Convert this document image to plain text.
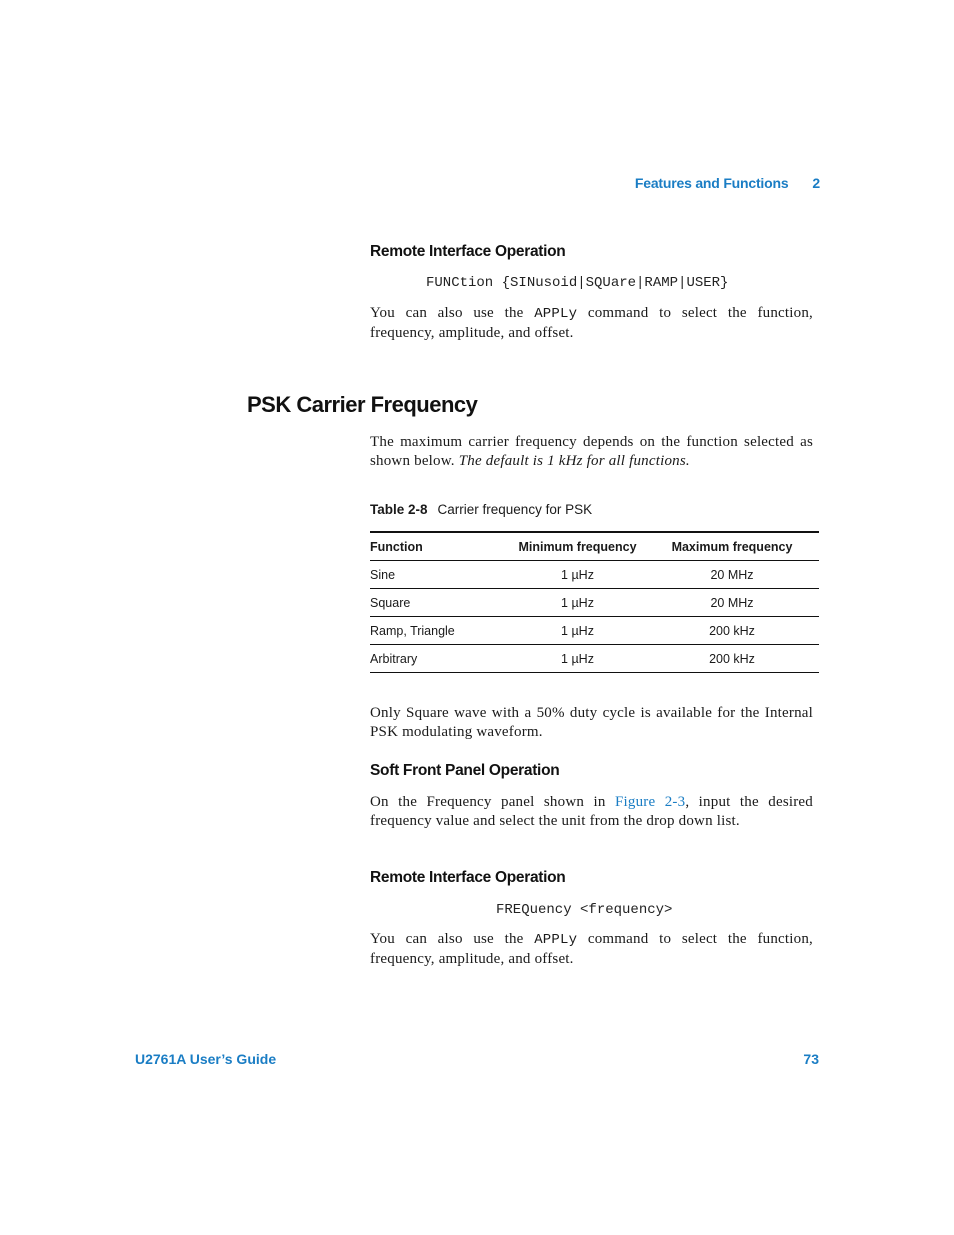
Features and Functions 2
Remote Interface Operation
FUNCtion {SINusoid|SQUare|RAMP|USER}
You can also use the APPLy command to select the function, frequency, amplitude, and offset.
PSK Carrier Frequency
The maximum carrier frequency depends on the function selected as shown below. The default is 1 kHz for all functions.
Table 2-8 Carrier frequency for PSK
Function	Minimum frequency	Maximum frequency
Sine	1 µHz	20 MHz
Square	1 µHz	20 MHz
Ramp, Triangle	1 µHz	200 kHz
Arbitrary	1 µHz	200 kHz
Only Square wave with a 50% duty cycle is available for the Internal PSK modulating waveform.
Soft Front Panel Operation
On the Frequency panel shown in Figure 2-3, input the desired frequency value and select the unit from the drop down list.
Remote Interface Operation
FREQuency <frequency>
You can also use the APPLy command to select the function, frequency, amplitude, and offset.
U2761A User’s Guide	73
